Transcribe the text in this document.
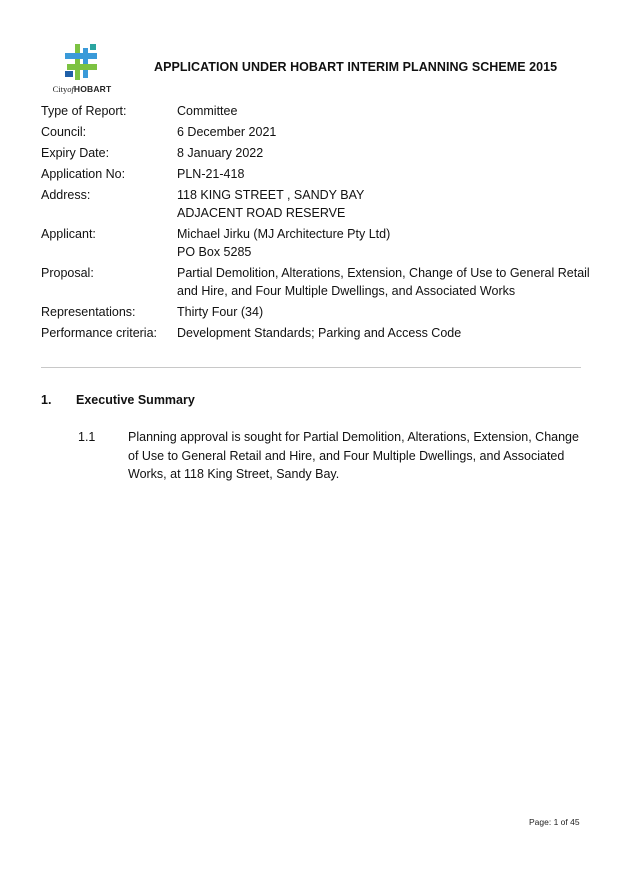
CityofHOBART
APPLICATION UNDER HOBART INTERIM PLANNING SCHEME 2015
Type of Report:	Committee
Council:	6 December 2021
Expiry Date:	8 January 2022
Application No:	PLN-21-418
Address:	118 KING STREET , SANDY BAY
ADJACENT ROAD RESERVE
Applicant:	Michael Jirku (MJ Architecture Pty Ltd)
PO Box 5285
Proposal:	Partial Demolition, Alterations, Extension, Change of Use to General Retail
and Hire, and Four Multiple Dwellings, and Associated Works
Representations:	Thirty Four (34)
Performance criteria:	Development Standards; Parking and Access Code
1. Executive Summary
1.1	Planning approval is sought for Partial Demolition, Alterations, Extension, Change
of Use to General Retail and Hire, and Four Multiple Dwellings, and Associated
Works, at 118 King Street, Sandy Bay.
Page: 1 of 45
